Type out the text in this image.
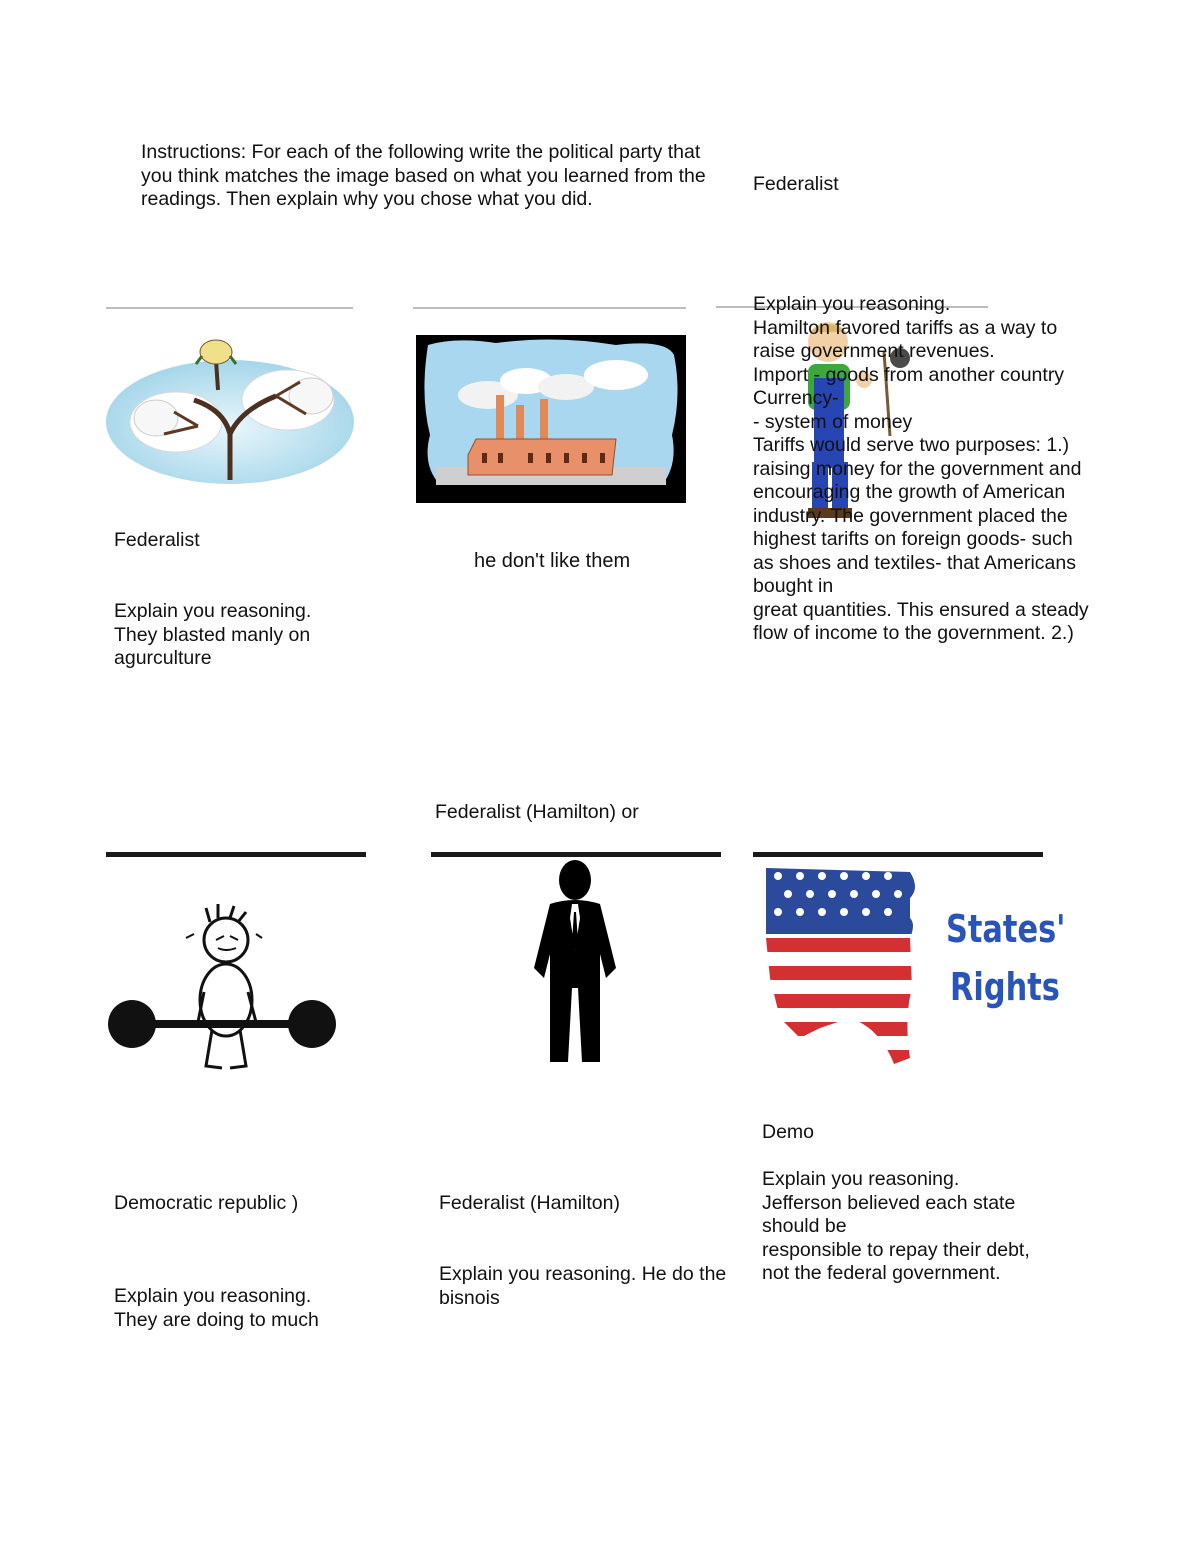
Instructions: For each of the following write the political party that you think matches the image based on what you learned from the readings. Then explain why you chose what you did.
Federalist
Explain you reasoning.
Hamilton favored tariffs as a way to raise government revenues.
Import - goods from another country
Currency-
- system of money
Tariffs would serve two purposes: 1.) raising money for the government and encouraging the growth of American industry. The government placed the highest tarifts on foreign goods- such as shoes and textiles- that Americans bought in
great quantities. This ensured a steady flow of income to the government. 2.)
Federalist
Explain you reasoning.
They blasted manly on agurculture
he don't like them
Federalist (Hamilton) or
States'
Rights
Democratic republic )
Explain you reasoning.
They are doing to much
Federalist (Hamilton)
Explain you reasoning. He do the bisnois
Demo
Explain you reasoning.
Jefferson believed each state should be
responsible to repay their debt, not the federal government.
